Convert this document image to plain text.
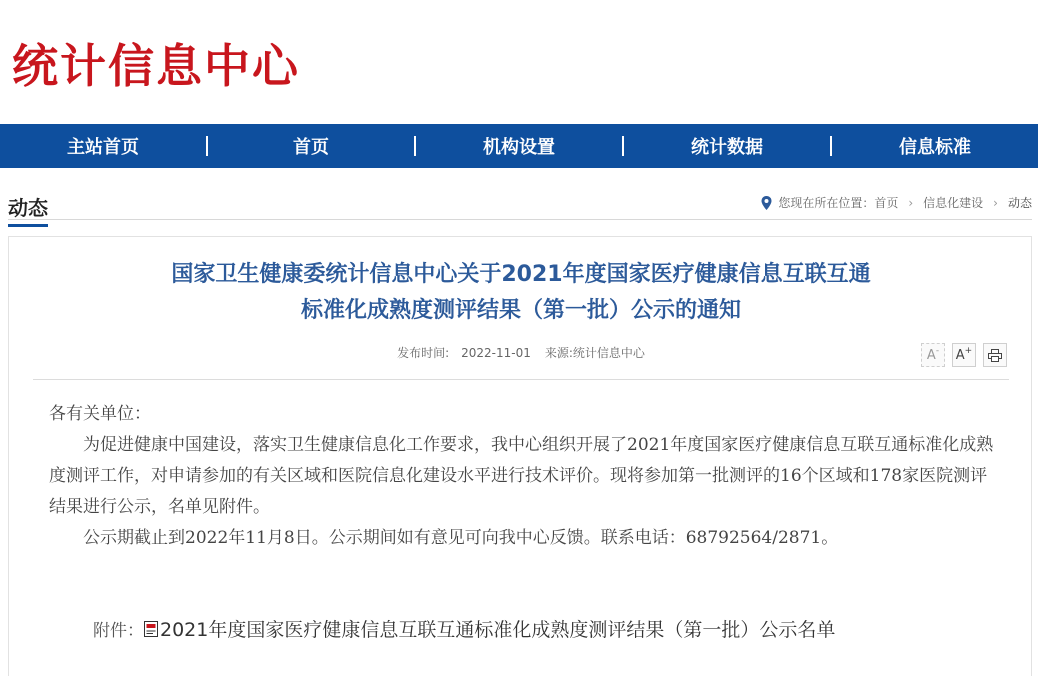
统计信息中心
主站首页	首页	机构设置	统计数据	信息标准
动态	您现在所在位置： 首页 › 信息化建设 › 动态
国家卫生健康委统计信息中心关于2021年度国家医疗健康信息互联互通
标准化成熟度测评结果（第一批）公示的通知
发布时间: 2022-11-01 来源:统计信息中心	A- A+

各有关单位：

为促进健康中国建设，落实卫生健康信息化工作要求，我中心组织开展了2021年度国家医疗健康信息互联互通标准化成熟度测评工作，对申请参加的有关区域和医院信息化建设水平进行技术评价。现将参加第一批测评的16个区域和178家医院测评结果进行公示，名单见附件。

公示期截止到2022年11月8日。公示期间如有意见可向我中心反馈。联系电话：68792564/2871。

附件： 2021年度国家医疗健康信息互联互通标准化成熟度测评结果（第一批）公示名单
